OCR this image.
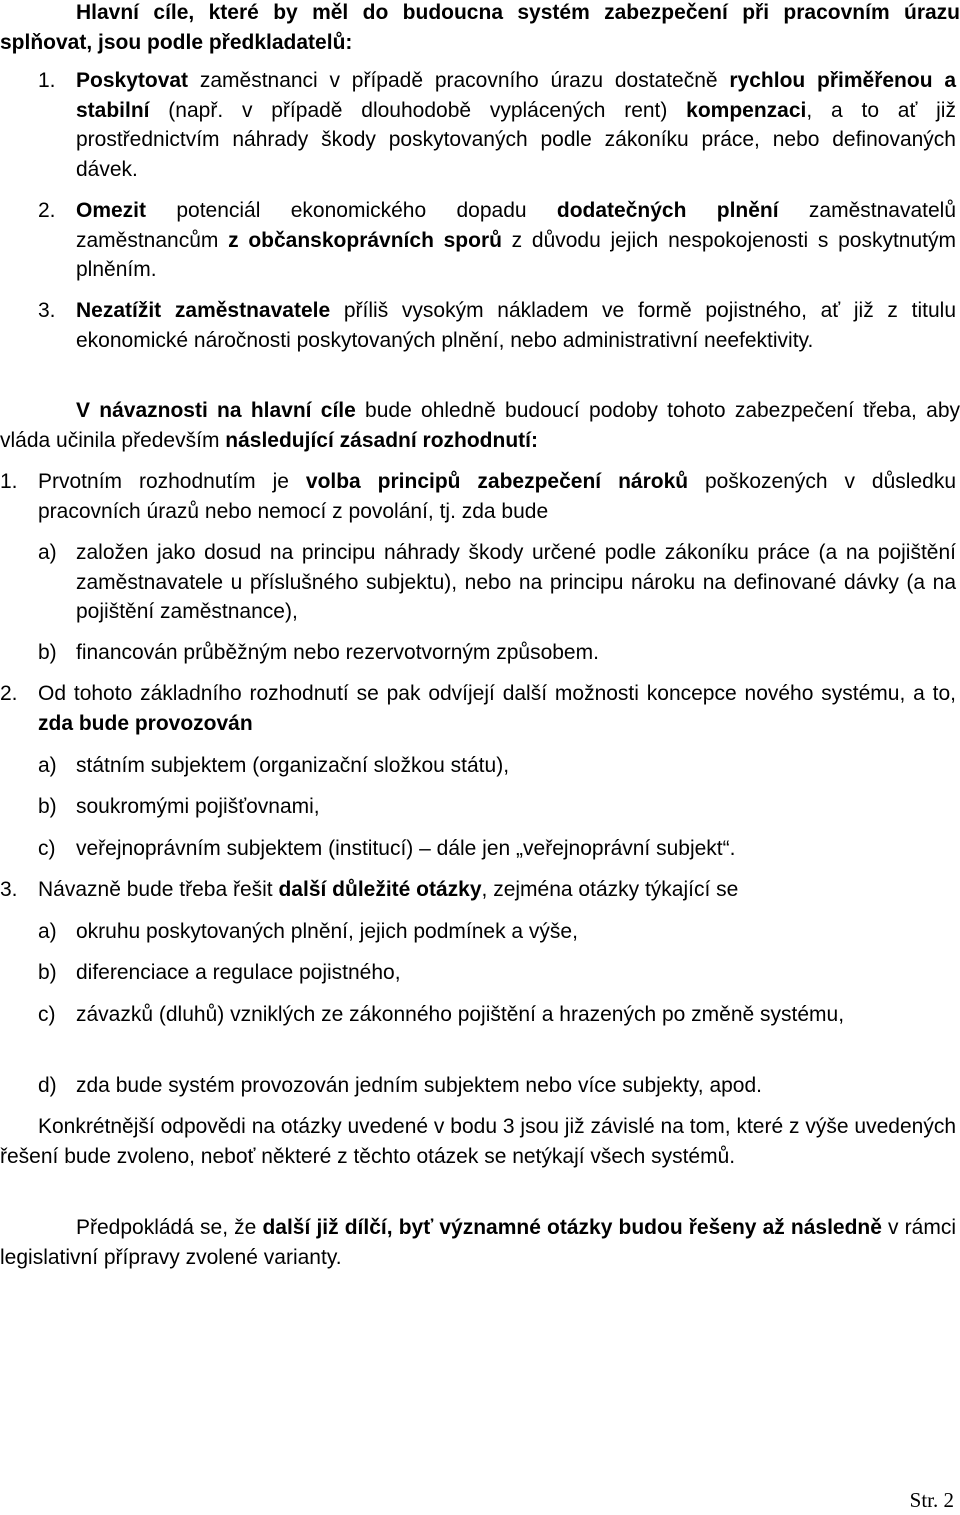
Hlavní cíle, které by měl do budoucna systém zabezpečení při pracovním úrazu splňovat, jsou podle předkladatelů:

1. Poskytovat zaměstnanci v případě pracovního úrazu dostatečně rychlou přiměřenou a stabilní (např. v případě dlouhodobě vyplácených rent) kompenzaci, a to ať již prostřednictvím náhrady škody poskytovaných podle zákoníku práce, nebo definovaných dávek.

2. Omezit potenciál ekonomického dopadu dodatečných plnění zaměstnavatelů zaměstnancům z občanskoprávních sporů z důvodu jejich nespokojenosti s poskytnutým plněním.

3. Nezatížit zaměstnavatele příliš vysokým nákladem ve formě pojistného, ať již z titulu ekonomické náročnosti poskytovaných plnění, nebo administrativní neefektivity.

V návaznosti na hlavní cíle bude ohledně budoucí podoby tohoto zabezpečení třeba, aby vláda učinila především následující zásadní rozhodnutí:

1. Prvotním rozhodnutím je volba principů zabezpečení nároků poškozených v důsledku pracovních úrazů nebo nemocí z povolání, tj. zda bude

a) založen jako dosud na principu náhrady škody určené podle zákoníku práce (a na pojištění zaměstnavatele u příslušného subjektu), nebo na principu nároku na definované dávky (a na pojištění zaměstnance),

b) financován průběžným nebo rezervotvorným způsobem.

2. Od tohoto základního rozhodnutí se pak odvíjejí další možnosti koncepce nového systému, a to, zda bude provozován

a) státním subjektem (organizační složkou státu),

b) soukromými pojišťovnami,

c) veřejnoprávním subjektem (institucí) – dále jen „veřejnoprávní subjekt“.

3. Návazně bude třeba řešit další důležité otázky, zejména otázky týkající se

a) okruhu poskytovaných plnění, jejich podmínek a výše,

b) diferenciace a regulace pojistného,

c) závazků (dluhů) vzniklých ze zákonného pojištění a hrazených po změně systému,

d) zda bude systém provozován jedním subjektem nebo více subjekty, apod.

Konkrétnější odpovědi na otázky uvedené v bodu 3 jsou již závislé na tom, které z výše uvedených řešení bude zvoleno, neboť některé z těchto otázek se netýkají všech systémů.

Předpokládá se, že další již dílčí, byť významné otázky budou řešeny až následně v rámci legislativní přípravy zvolené varianty.

Str. 2
